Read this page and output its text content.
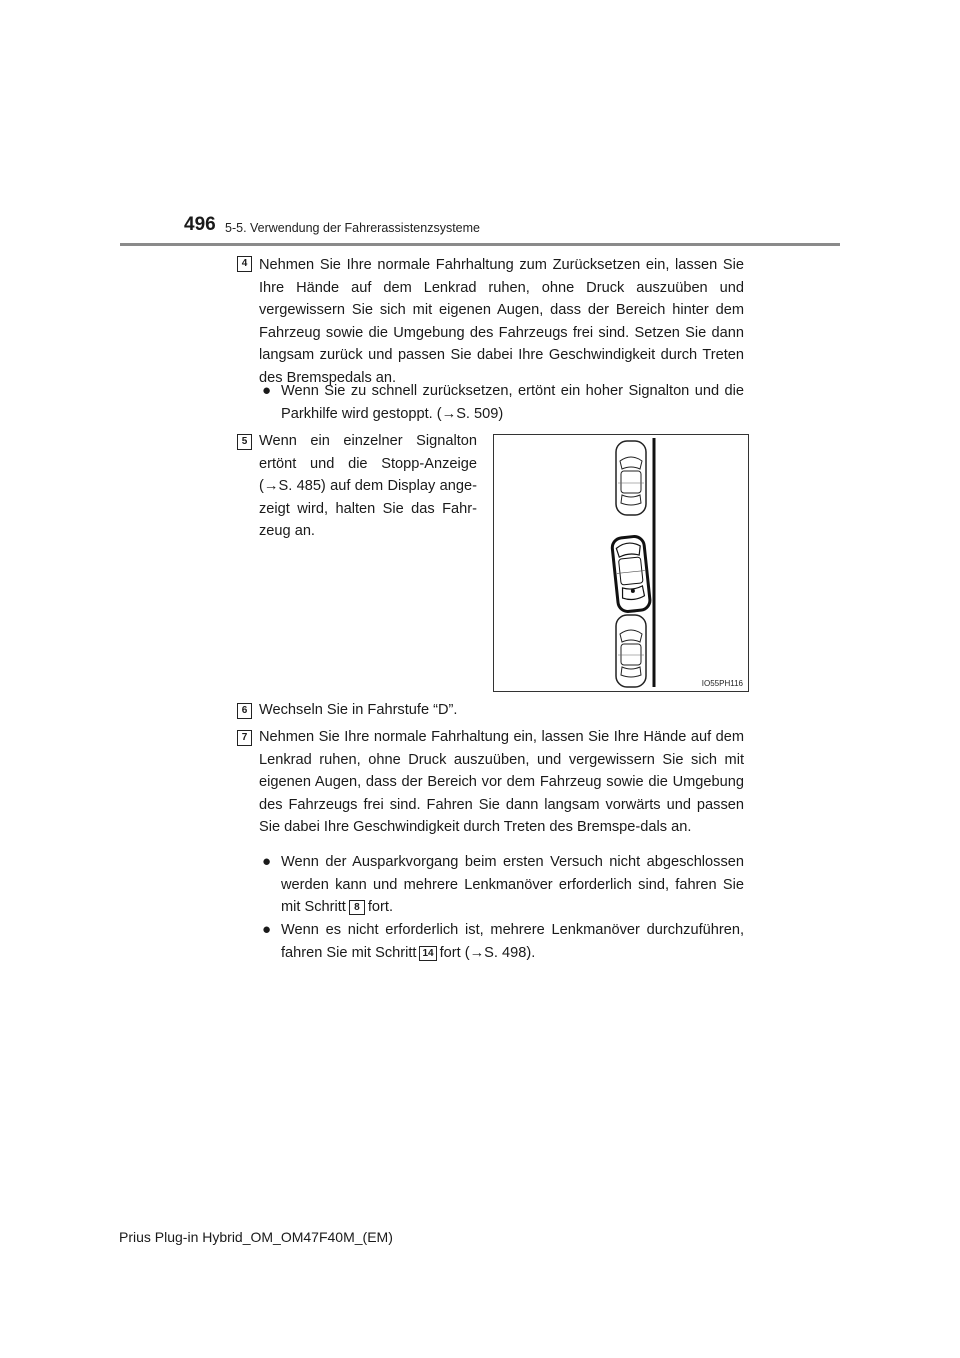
496 5-5. Verwendung der Fahrerassistenzsysteme
4 Nehmen Sie Ihre normale Fahrhaltung zum Zurücksetzen ein, lassen Sie Ihre Hände auf dem Lenkrad ruhen, ohne Druck auszuüben und vergewissern Sie sich mit eigenen Augen, dass der Bereich hinter dem Fahrzeug sowie die Umgebung des Fahrzeugs frei sind. Setzen Sie dann langsam zurück und passen Sie dabei Ihre Geschwindigkeit durch Treten des Bremspedals an.
● Wenn Sie zu schnell zurücksetzen, ertönt ein hoher Signalton und die Parkhilfe wird gestoppt. (→S. 509)
5 Wenn ein einzelner Signalton ertönt und die Stopp-Anzeige (→S. 485) auf dem Display ange-zeigt wird, halten Sie das Fahr-zeug an.
IO55PH116
6 Wechseln Sie in Fahrstufe “D”.
7 Nehmen Sie Ihre normale Fahrhaltung ein, lassen Sie Ihre Hände auf dem Lenkrad ruhen, ohne Druck auszuüben, und vergewissern Sie sich mit eigenen Augen, dass der Bereich vor dem Fahrzeug sowie die Umgebung des Fahrzeugs frei sind. Fahren Sie dann langsam vorwärts und passen Sie dabei Ihre Geschwindigkeit durch Treten des Bremspe-dals an.
● Wenn der Ausparkvorgang beim ersten Versuch nicht abgeschlossen werden kann und mehrere Lenkmanöver erforderlich sind, fahren Sie mit Schritt 8 fort.
● Wenn es nicht erforderlich ist, mehrere Lenkmanöver durchzuführen, fahren Sie mit Schritt 14 fort (→S. 498).
Prius Plug-in Hybrid_OM_OM47F40M_(EM)
